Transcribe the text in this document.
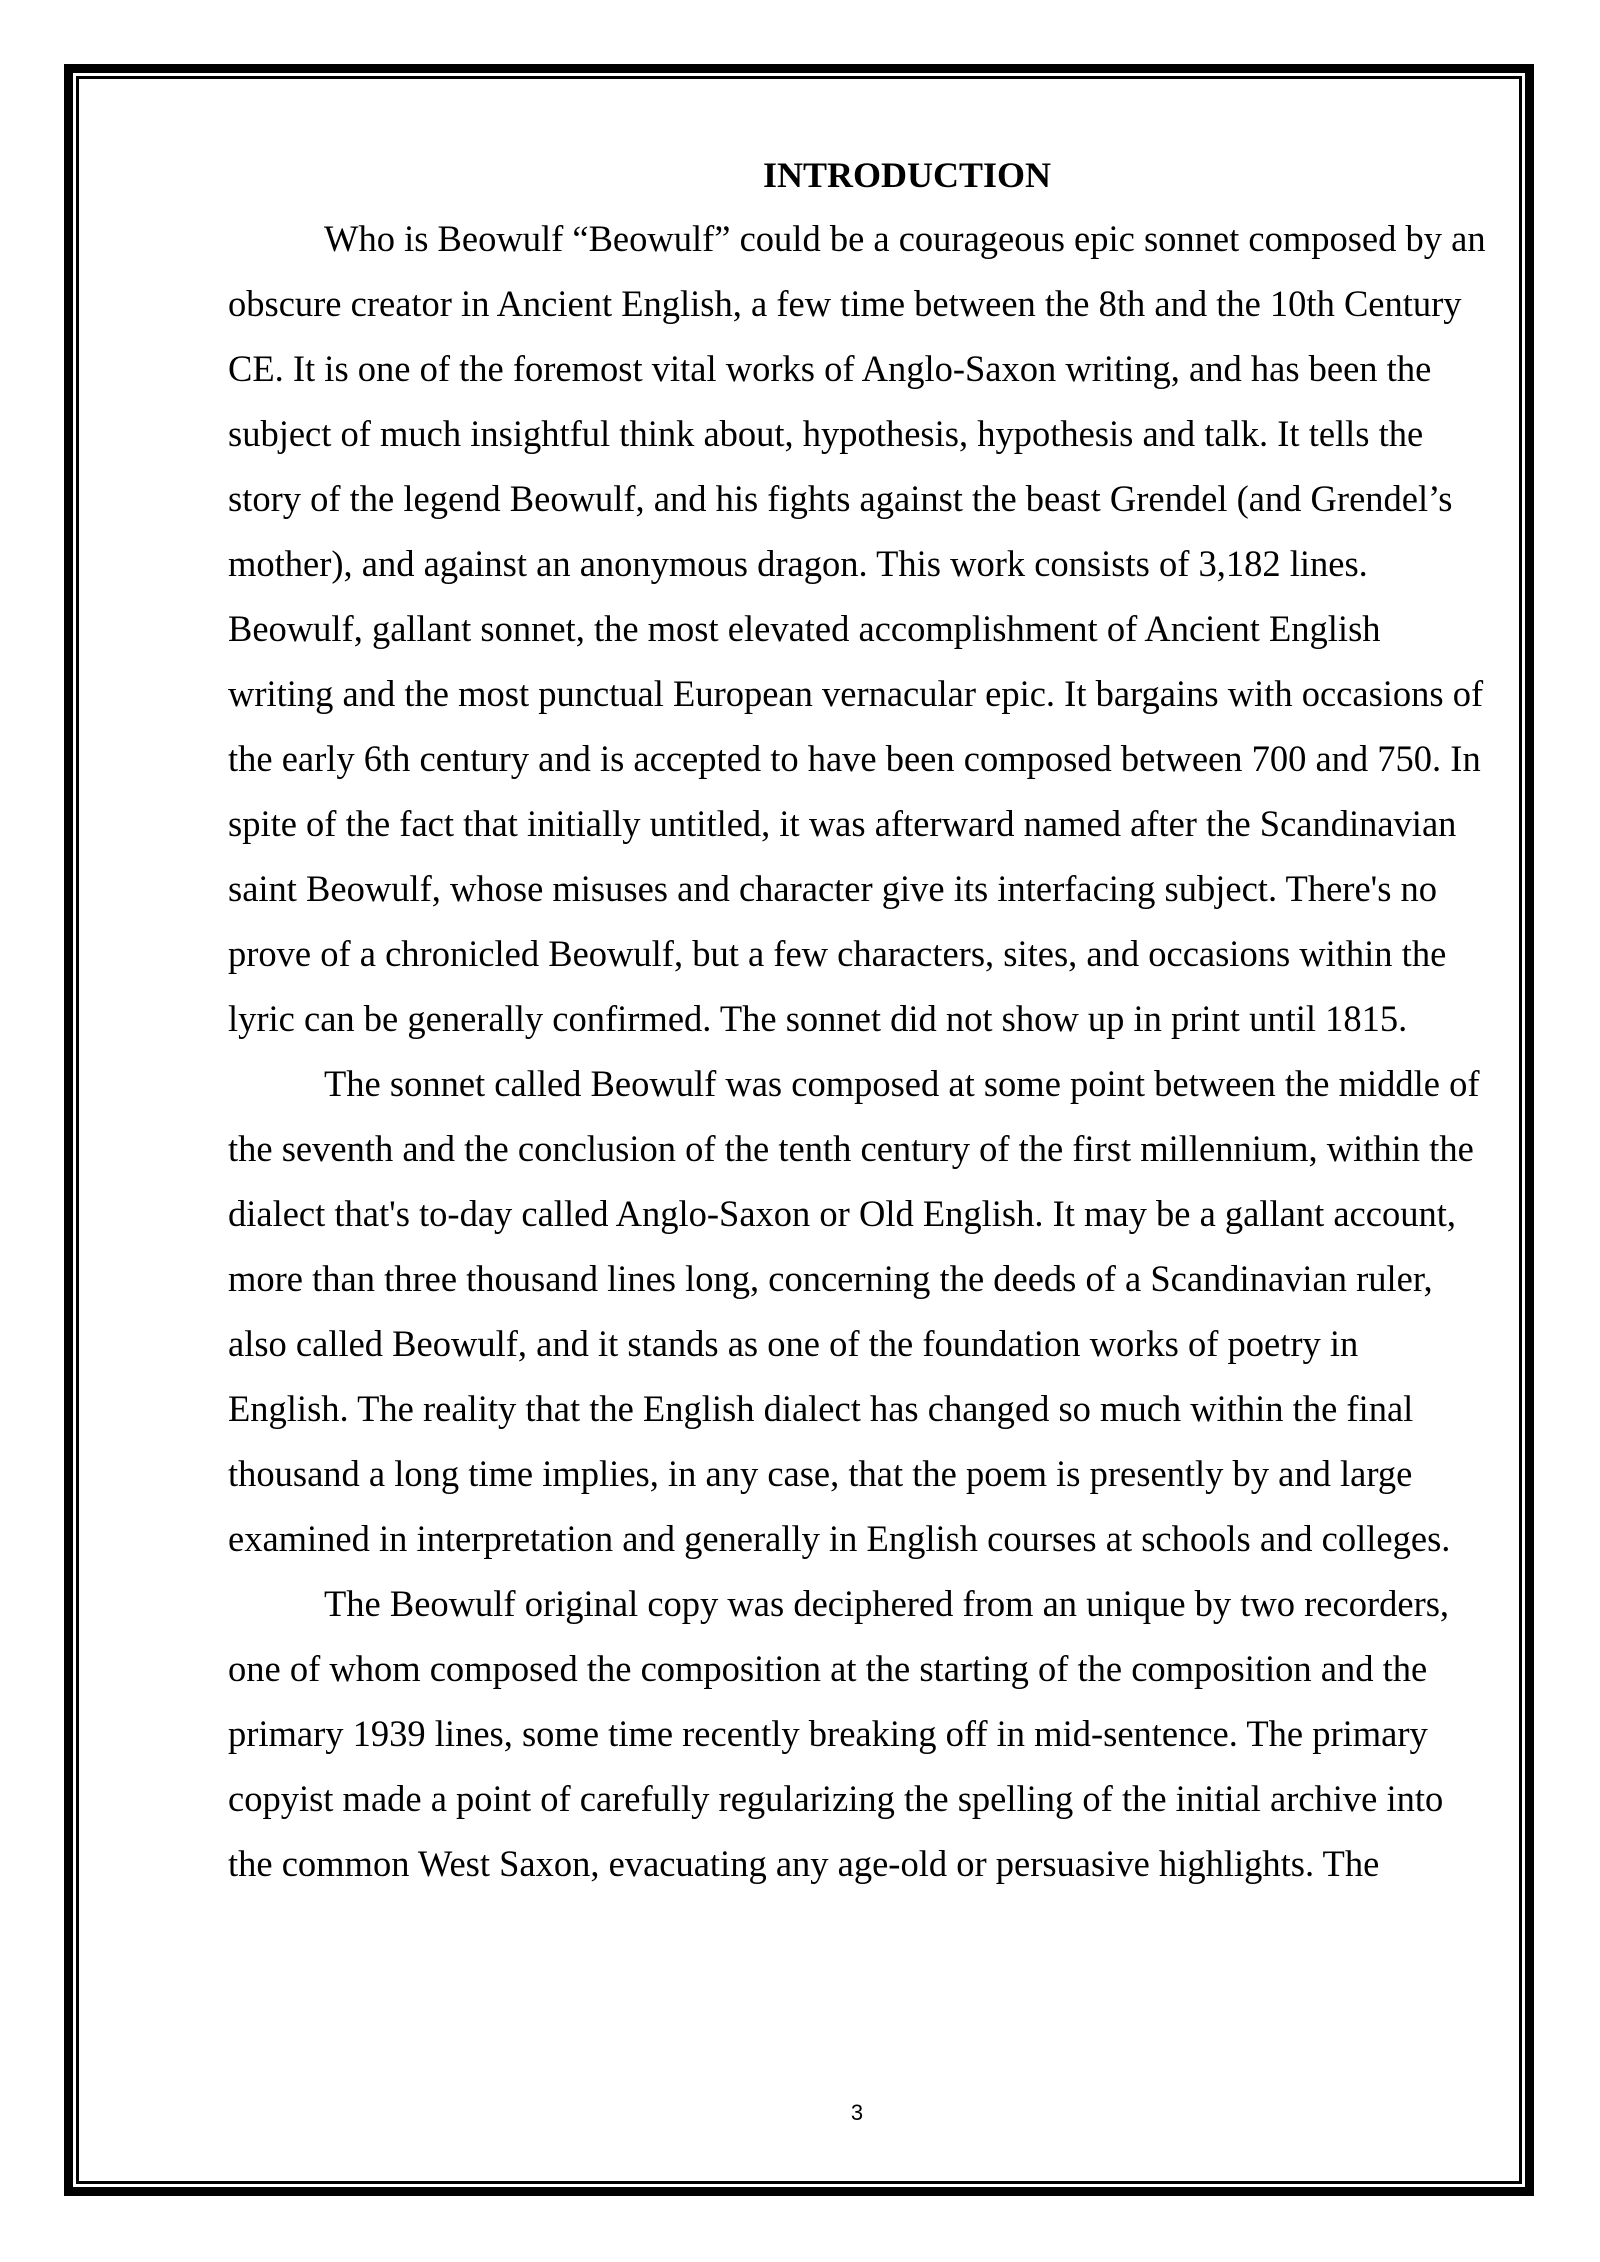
INTRODUCTION

Who is Beowulf “Beowulf” could be a courageous epic sonnet composed by an obscure creator in Ancient English, a few time between the 8th and the 10th Century CE. It is one of the foremost vital works of Anglo-Saxon writing, and has been the subject of much insightful think about, hypothesis, hypothesis and talk. It tells the story of the legend Beowulf, and his fights against the beast Grendel (and Grendel’s mother), and against an anonymous dragon. This work consists of 3,182 lines. Beowulf, gallant sonnet, the most elevated accomplishment of Ancient English writing and the most punctual European vernacular epic. It bargains with occasions of the early 6th century and is accepted to have been composed between 700 and 750. In spite of the fact that initially untitled, it was afterward named after the Scandinavian saint Beowulf, whose misuses and character give its interfacing subject. There's no prove of a chronicled Beowulf, but a few characters, sites, and occasions within the lyric can be generally confirmed. The sonnet did not show up in print until 1815.

The sonnet called Beowulf was composed at some point between the middle of the seventh and the conclusion of the tenth century of the first millennium, within the dialect that's to-day called Anglo-Saxon or Old English. It may be a gallant account, more than three thousand lines long, concerning the deeds of a Scandinavian ruler, also called Beowulf, and it stands as one of the foundation works of poetry in English. The reality that the English dialect has changed so much within the final thousand a long time implies, in any case, that the poem is presently by and large examined in interpretation and generally in English courses at schools and colleges.

The Beowulf original copy was deciphered from an unique by two recorders, one of whom composed the composition at the starting of the composition and the primary 1939 lines, some time recently breaking off in mid-sentence. The primary copyist made a point of carefully regularizing the spelling of the initial archive into the common West Saxon, evacuating any age-old or persuasive highlights. The

3
